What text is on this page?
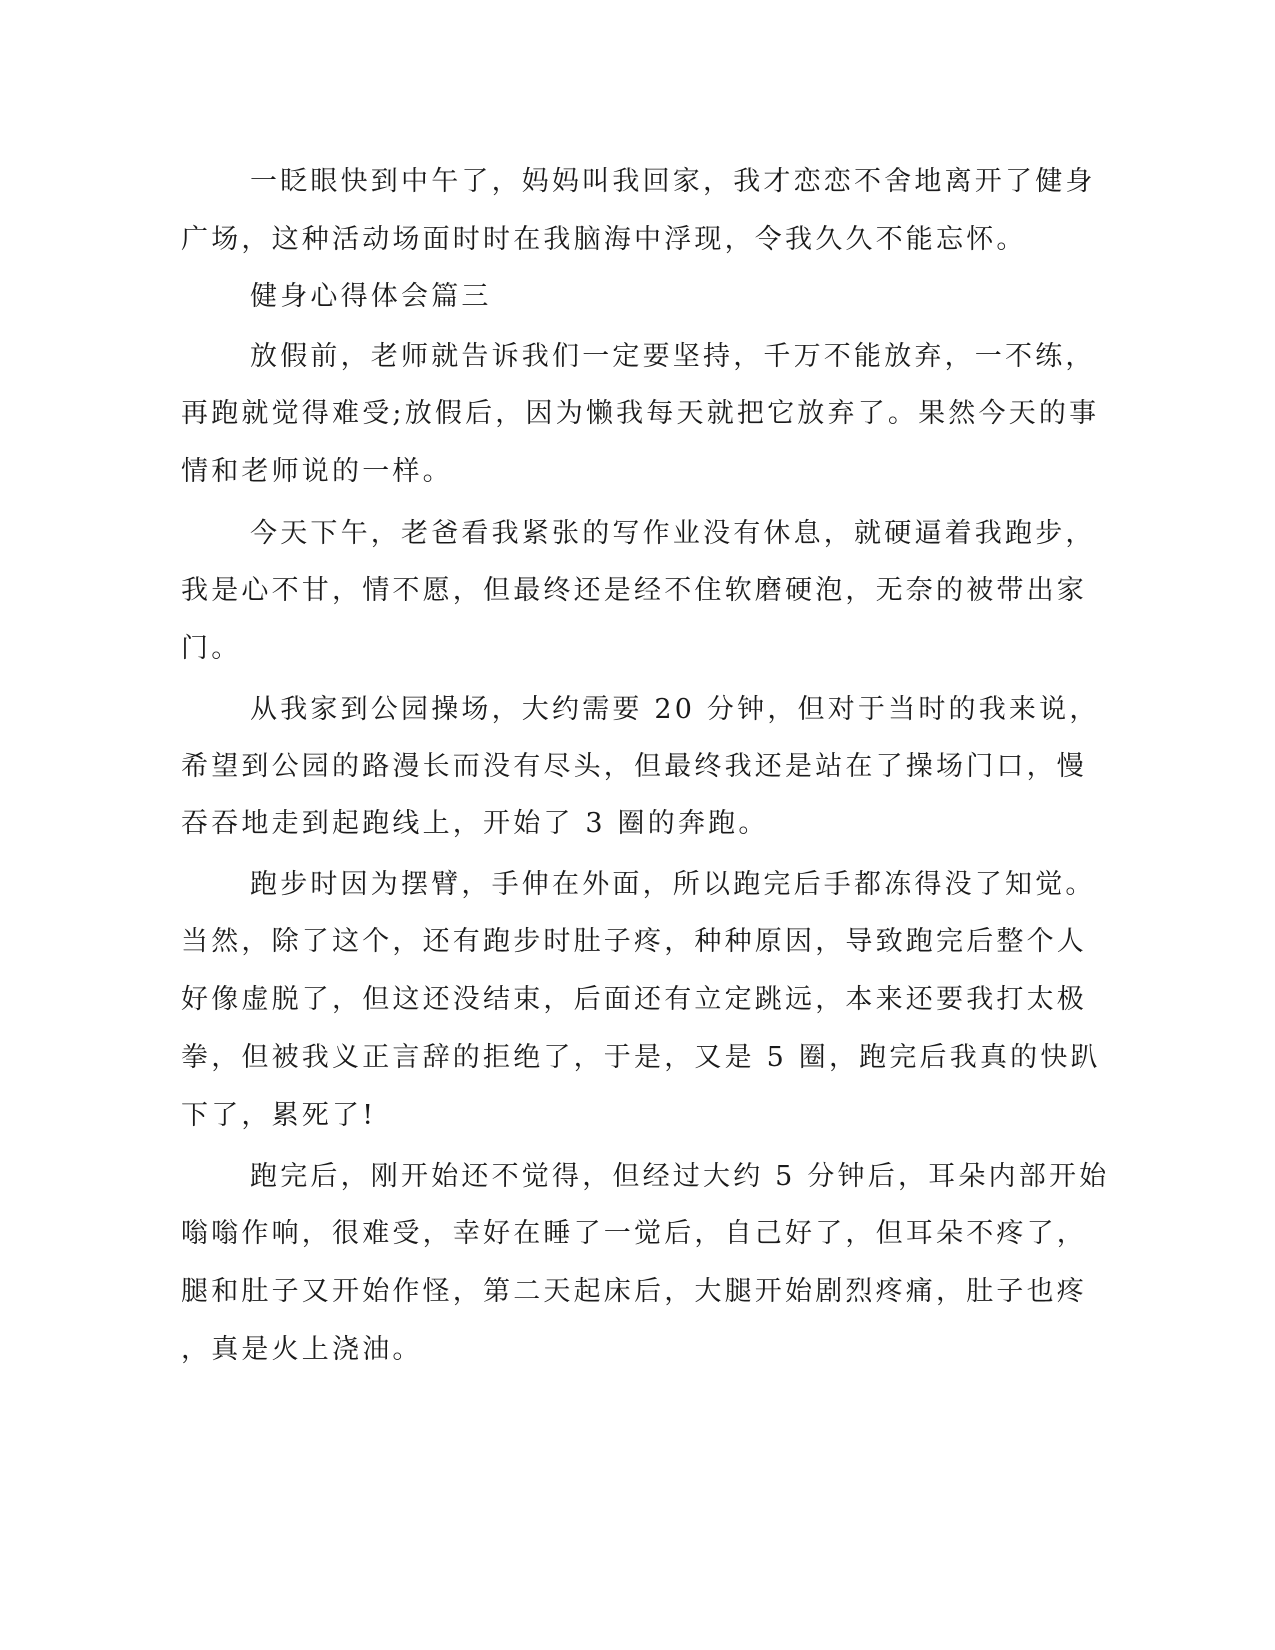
一眨眼快到中午了，妈妈叫我回家，我才恋恋不舍地离开了健身
广场，这种活动场面时时在我脑海中浮现，令我久久不能忘怀。
健身心得体会篇三
放假前，老师就告诉我们一定要坚持，千万不能放弃，一不练，
再跑就觉得难受;放假后，因为懒我每天就把它放弃了。果然今天的事
情和老师说的一样。
今天下午，老爸看我紧张的写作业没有休息，就硬逼着我跑步，
我是心不甘，情不愿，但最终还是经不住软磨硬泡，无奈的被带出家
门。
从我家到公园操场，大约需要 20 分钟，但对于当时的我来说，
希望到公园的路漫长而没有尽头，但最终我还是站在了操场门口，慢
吞吞地走到起跑线上，开始了 3 圈的奔跑。
跑步时因为摆臂，手伸在外面，所以跑完后手都冻得没了知觉。
当然，除了这个，还有跑步时肚子疼，种种原因，导致跑完后整个人
好像虚脱了，但这还没结束，后面还有立定跳远，本来还要我打太极
拳，但被我义正言辞的拒绝了，于是，又是 5 圈，跑完后我真的快趴
下了，累死了!
跑完后，刚开始还不觉得，但经过大约 5 分钟后，耳朵内部开始
嗡嗡作响，很难受，幸好在睡了一觉后，自己好了，但耳朵不疼了，
腿和肚子又开始作怪，第二天起床后，大腿开始剧烈疼痛，肚子也疼
，真是火上浇油。
